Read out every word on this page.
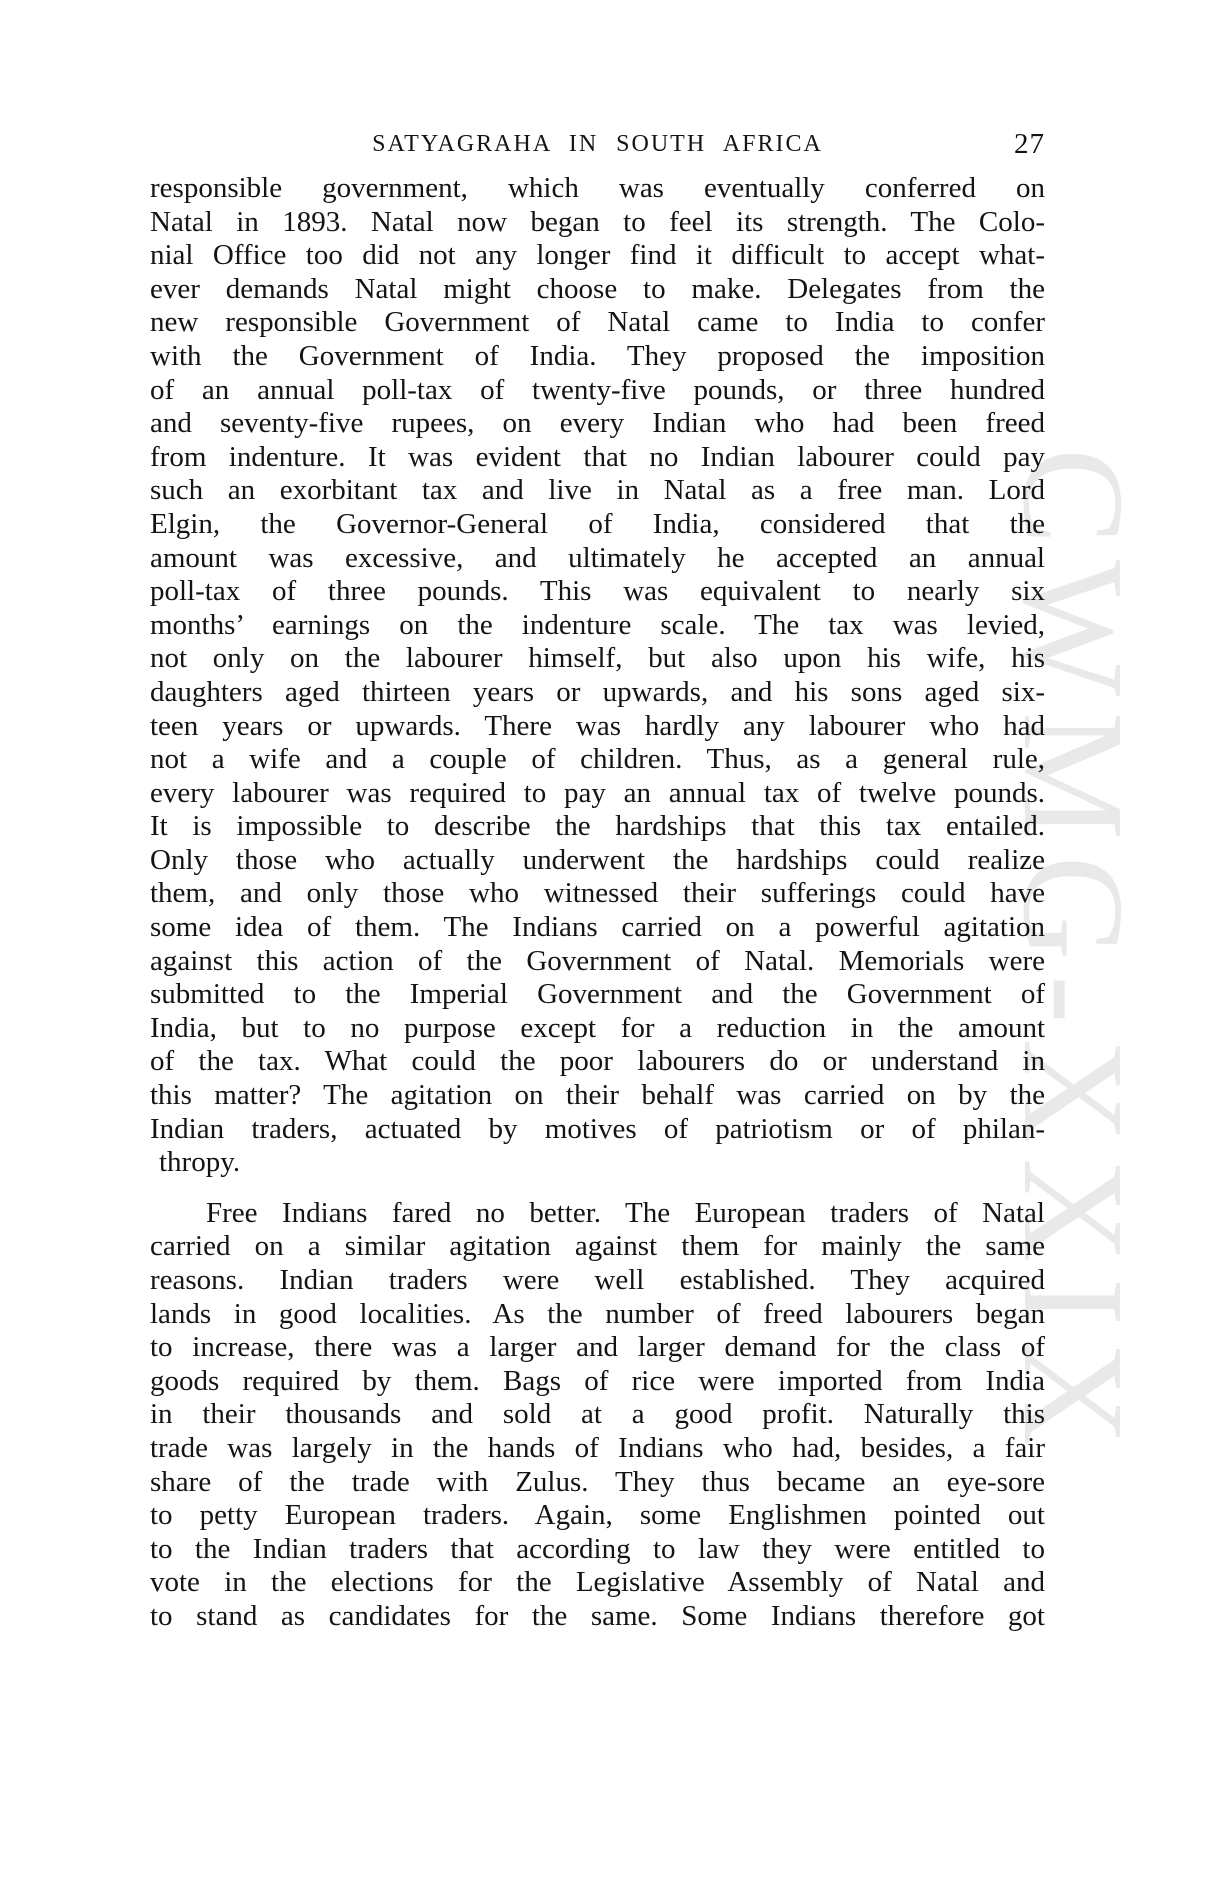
CWMG-XXIX
SATYAGRAHA IN SOUTH AFRICA	27
responsible government, which was eventually conferred on
Natal in 1893. Natal now began to feel its strength. The Colo-
nial Office too did not any longer find it difficult to accept what-
ever demands Natal might choose to make. Delegates from the
new responsible Government of Natal came to India to confer
with the Government of India. They proposed the imposition
of an annual poll-tax of twenty-five pounds, or three hundred
and seventy-five rupees, on every Indian who had been freed
from indenture. It was evident that no Indian labourer could pay
such an exorbitant tax and live in Natal as a free man. Lord
Elgin, the Governor-General of India, considered that the
amount was excessive, and ultimately he accepted an annual
poll-tax of three pounds. This was equivalent to nearly six
months’ earnings on the indenture scale. The tax was levied,
not only on the labourer himself, but also upon his wife, his
daughters aged thirteen years or upwards, and his sons aged six-
teen years or upwards. There was hardly any labourer who had
not a wife and a couple of children. Thus, as a general rule,
every labourer was required to pay an annual tax of twelve pounds.
It is impossible to describe the hardships that this tax entailed.
Only those who actually underwent the hardships could realize
them, and only those who witnessed their sufferings could have
some idea of them. The Indians carried on a powerful agitation
against this action of the Government of Natal. Memorials were
submitted to the Imperial Government and the Government of
India, but to no purpose except for a reduction in the amount
of the tax. What could the poor labourers do or understand in
this matter? The agitation on their behalf was carried on by the
Indian traders, actuated by motives of patriotism or of philan-
thropy.
Free Indians fared no better. The European traders of Natal
carried on a similar agitation against them for mainly the same
reasons. Indian traders were well established. They acquired
lands in good localities. As the number of freed labourers began
to increase, there was a larger and larger demand for the class of
goods required by them. Bags of rice were imported from India
in their thousands and sold at a good profit. Naturally this
trade was largely in the hands of Indians who had, besides, a fair
share of the trade with Zulus. They thus became an eye-sore
to petty European traders. Again, some Englishmen pointed out
to the Indian traders that according to law they were entitled to
vote in the elections for the Legislative Assembly of Natal and
to stand as candidates for the same. Some Indians therefore got
